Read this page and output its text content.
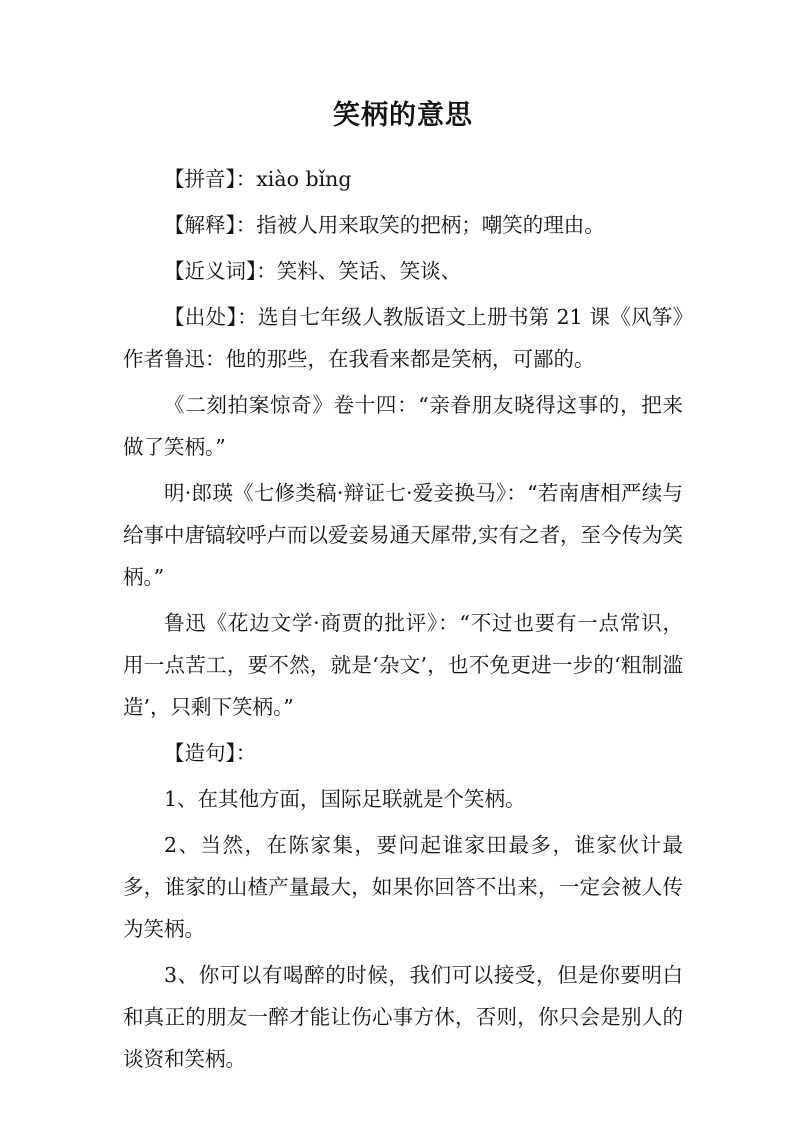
笑柄的意思

【拼音】：xiào bǐng

【解释】：指被人用来取笑的把柄；嘲笑的理由。

【近义词】：笑料、笑话、笑谈、

【出处】：选自七年级人教版语文上册书第 21 课《风筝》作者鲁迅：他的那些，在我看来都是笑柄，可鄙的。

《二刻拍案惊奇》卷十四：“亲眷朋友晓得这事的，把来做了笑柄。”

明·郎瑛《七修类稿·辩证七·爱妾换马》：“若南唐相严续与给事中唐镐较呼卢而以爱妾易通天犀带,实有之者，至今传为笑柄。”

鲁迅《花边文学·商贾的批评》：“不过也要有一点常识，用一点苦工，要不然，就是‘杂文’，也不免更进一步的‘粗制滥造’，只剩下笑柄。”

【造句】：

1、在其他方面，国际足联就是个笑柄。

2、当然，在陈家集，要问起谁家田最多，谁家伙计最多，谁家的山楂产量最大，如果你回答不出来，一定会被人传为笑柄。

3、你可以有喝醉的时候，我们可以接受，但是你要明白和真正的朋友一醉才能让伤心事方休，否则，你只会是别人的谈资和笑柄。
